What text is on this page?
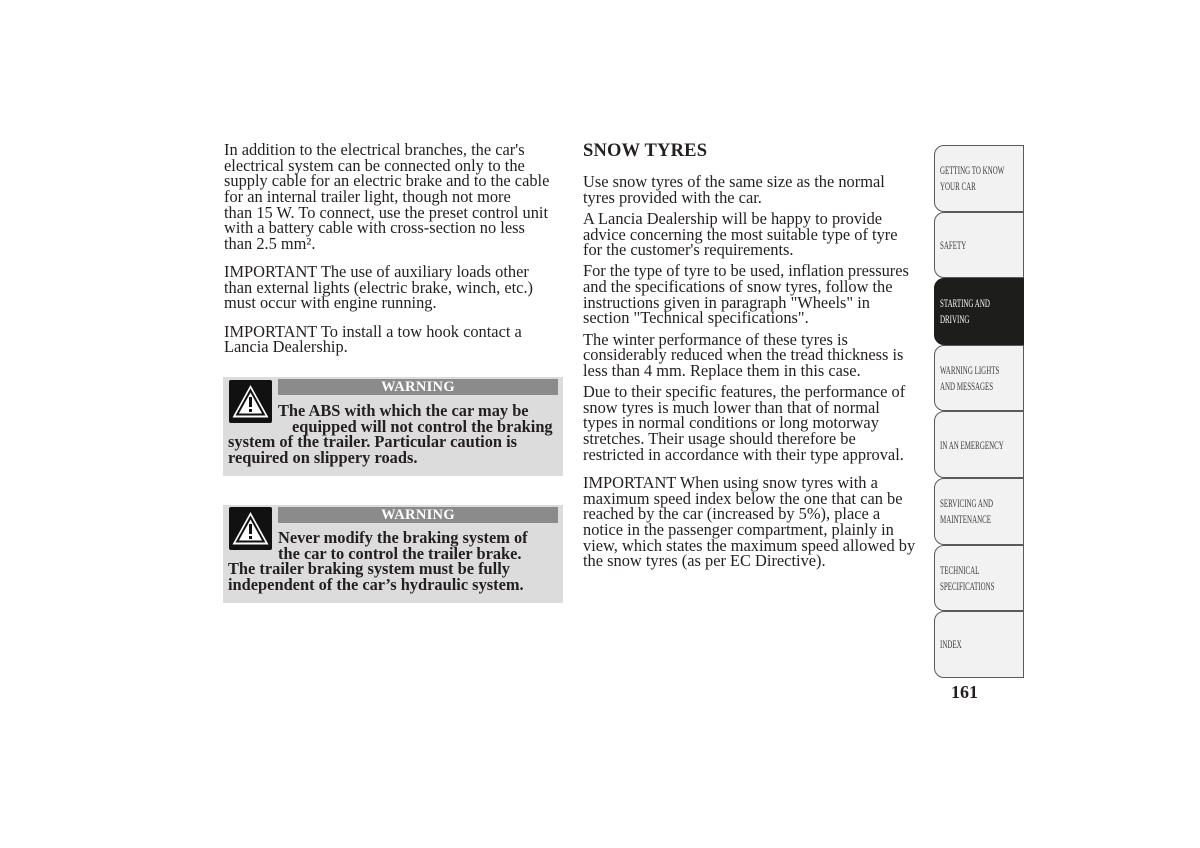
In addition to the electrical branches, the car's
electrical system can be connected only to the
supply cable for an electric brake and to the cable
for an internal trailer light, though not more
than 15 W. To connect, use the preset control unit
with a battery cable with cross-section no less
than 2.5 mm².
IMPORTANT The use of auxiliary loads other
than external lights (electric brake, winch, etc.)
must occur with engine running.
IMPORTANT To install a tow hook contact a
Lancia Dealership.
WARNING
The ABS with which the car may be
equipped will not control the braking
system of the trailer. Particular caution is
required on slippery roads.
WARNING
Never modify the braking system of
the car to control the trailer brake.
The trailer braking system must be fully
independent of the car’s hydraulic system.
SNOW TYRES
Use snow tyres of the same size as the normal
tyres provided with the car.
A Lancia Dealership will be happy to provide
advice concerning the most suitable type of tyre
for the customer's requirements.
For the type of tyre to be used, inflation pressures
and the specifications of snow tyres, follow the
instructions given in paragraph "Wheels" in
section "Technical specifications".
The winter performance of these tyres is
considerably reduced when the tread thickness is
less than 4 mm. Replace them in this case.
Due to their specific features, the performance of
snow tyres is much lower than that of normal
types in normal conditions or long motorway
stretches. Their usage should therefore be
restricted in accordance with their type approval.
IMPORTANT When using snow tyres with a
maximum speed index below the one that can be
reached by the car (increased by 5%), place a
notice in the passenger compartment, plainly in
view, which states the maximum speed allowed by
the snow tyres (as per EC Directive).
GETTING TO KNOW
YOUR CAR
SAFETY
STARTING AND
DRIVING
WARNING LIGHTS
AND MESSAGES
IN AN EMERGENCY
SERVICING AND
MAINTENANCE
TECHNICAL
SPECIFICATIONS
INDEX
161
